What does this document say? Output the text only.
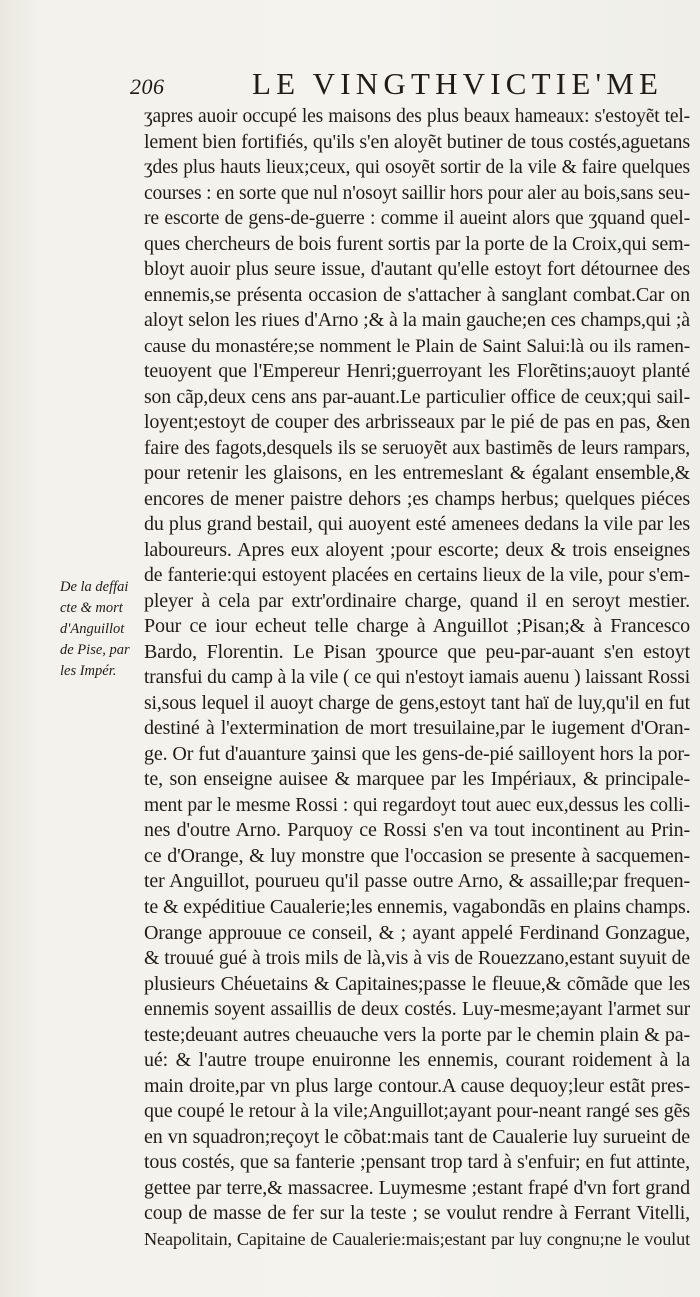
206	LE VINGTHVICTIE'ME
De la deffai
cte & mort
d'Anguillot
de Pise, par
les Impér.
ʒapres auoir occupé les maisons des plus beaux hameaux: s'estoyẽt tel-
lement bien fortifiés, qu'ils s'en aloyẽt butiner de tous costés,aguetans
ʒdes plus hauts lieux;ceux, qui osoyẽt sortir de la vile & faire quelques
courses : en sorte que nul n'osoyt saillir hors pour aler au bois,sans seu-
re escorte de gens-de-guerre : comme il aueint alors que ʒquand quel-
ques chercheurs de bois furent sortis par la porte de la Croix,qui sem-
bloyt auoir plus seure issue, d'autant qu'elle estoyt fort détournee des
ennemis,se présenta occasion de s'attacher à sanglant combat.Car on
aloyt selon les riues d'Arno ;& à la main gauche;en ces champs,qui ;à
cause du monastére;se nomment le Plain de Saint Salui:là ou ils ramen-
teuoyent que l'Empereur Henri;guerroyant les Florẽtins;auoyt planté
son cãp,deux cens ans par-auant.Le particulier office de ceux;qui sail-
loyent;estoyt de couper des arbrisseaux par le pié de pas en pas, &en
faire des fagots,desquels ils se seruoyẽt aux bastimẽs de leurs rampars,
pour retenir les glaisons, en les entremeslant & égalant ensemble,&
encores de mener paistre dehors ;es champs herbus; quelques piéces
du plus grand bestail, qui auoyent esté amenees dedans la vile par les
laboureurs. Apres eux aloyent ;pour escorte; deux & trois enseignes
de fanterie:qui estoyent placées en certains lieux de la vile, pour s'em-
pleyer à cela par extr'ordinaire charge, quand il en seroyt mestier.
Pour ce iour echeut telle charge à Anguillot ;Pisan;& à Francesco
Bardo, Florentin. Le Pisan ʒpource que peu-par-auant s'en estoyt
transfui du camp à la vile ( ce qui n'estoyt iamais auenu ) laissant Rossi
si,sous lequel il auoyt charge de gens,estoyt tant haï de luy,qu'il en fut
destiné à l'extermination de mort tresuilaine,par le iugement d'Oran-
ge. Or fut d'auanture ʒainsi que les gens-de-pié sailloyent hors la por-
te, son enseigne auisee & marquee par les Impériaux, & principale-
ment par le mesme Rossi : qui regardoyt tout auec eux,dessus les colli-
nes d'outre Arno. Parquoy ce Rossi s'en va tout incontinent au Prin-
ce d'Orange, & luy monstre que l'occasion se presente à sacquemen-
ter Anguillot, pourueu qu'il passe outre Arno, & assaille;par frequen-
te & expéditiue Caualerie;les ennemis, vagabondãs en plains champs.
Orange approuue ce conseil, & ; ayant appelé Ferdinand Gonzague,
& trouué gué à trois mils de là,vis à vis de Rouezzano,estant suyuit de
plusieurs Chéuetains & Capitaines;passe le fleuue,& cõmãde que les
ennemis soyent assaillis de deux costés. Luy-mesme;ayant l'armet sur
teste;deuant autres cheuauche vers la porte par le chemin plain & pa-
ué: & l'autre troupe enuironne les ennemis, courant roidement à la
main droite,par vn plus large contour.A cause dequoy;leur estãt pres-
que coupé le retour à la vile;Anguillot;ayant pour-neant rangé ses gẽs
en vn squadron;reçoyt le cõbat:mais tant de Caualerie luy surueint de
tous costés, que sa fanterie ;pensant trop tard à s'enfuir; en fut attinte,
gettee par terre,& massacree. Luymesme ;estant frapé d'vn fort grand
coup de masse de fer sur la teste ; se voulut rendre à Ferrant Vitelli,
Neapolitain, Capitaine de Caualerie:mais;estant par luy congnu;ne le voulut
